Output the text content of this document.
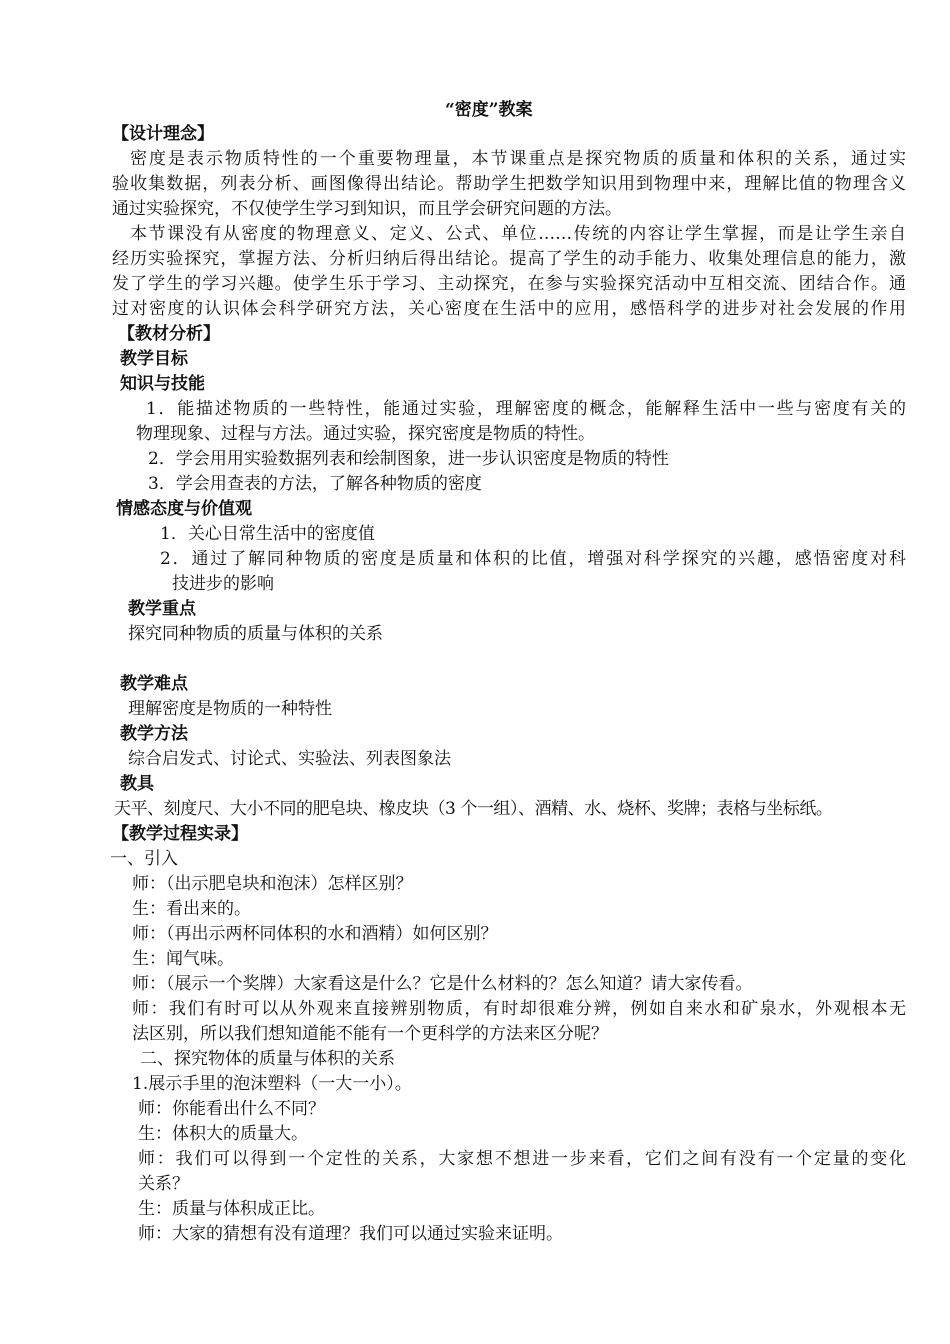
“密度”教案
【设计理念】
密度是表示物质特性的一个重要物理量，本节课重点是探究物质的质量和体积的关系，通过实
验收集数据，列表分析、画图像得出结论。帮助学生把数学知识用到物理中来，理解比值的物理含义
通过实验探究，不仅使学生学习到知识，而且学会研究问题的方法。
本节课没有从密度的物理意义、定义、公式、单位……传统的内容让学生掌握，而是让学生亲自
经历实验探究，掌握方法、分析归纳后得出结论。提高了学生的动手能力、收集处理信息的能力，激
发了学生的学习兴趣。使学生乐于学习、主动探究，在参与实验探究活动中互相交流、团结合作。通
过对密度的认识体会科学研究方法，关心密度在生活中的应用，感悟科学的进步对社会发展的作用
【教材分析】
教学目标
知识与技能
1．能描述物质的一些特性，能通过实验，理解密度的概念，能解释生活中一些与密度有关的
物理现象、过程与方法。通过实验，探究密度是物质的特性。
2．学会用用实验数据列表和绘制图象，进一步认识密度是物质的特性
3．学会用查表的方法，了解各种物质的密度
情感态度与价值观
1．关心日常生活中的密度值
2．通过了解同种物质的密度是质量和体积的比值，增强对科学探究的兴趣，感悟密度对科
技进步的影响
教学重点
探究同种物质的质量与体积的关系
教学难点
理解密度是物质的一种特性
教学方法
综合启发式、讨论式、实验法、列表图象法
教具
天平、刻度尺、大小不同的肥皂块、橡皮块（3 个一组）、酒精、水、烧杯、奖牌；表格与坐标纸。
【教学过程实录】
一、引入
师：（出示肥皂块和泡沫）怎样区别？
生：看出来的。
师：（再出示两杯同体积的水和酒精）如何区别？
生：闻气味。
师：（展示一个奖牌）大家看这是什么？它是什么材料的？怎么知道？请大家传看。
师：我们有时可以从外观来直接辨别物质，有时却很难分辨，例如自来水和矿泉水，外观根本无
法区别，所以我们想知道能不能有一个更科学的方法来区分呢？
二、探究物体的质量与体积的关系
1.展示手里的泡沫塑料（一大一小）。
师：你能看出什么不同？
生：体积大的质量大。
师：我们可以得到一个定性的关系，大家想不想进一步来看，它们之间有没有一个定量的变化
关系？
生：质量与体积成正比。
师：大家的猜想有没有道理？我们可以通过实验来证明。
